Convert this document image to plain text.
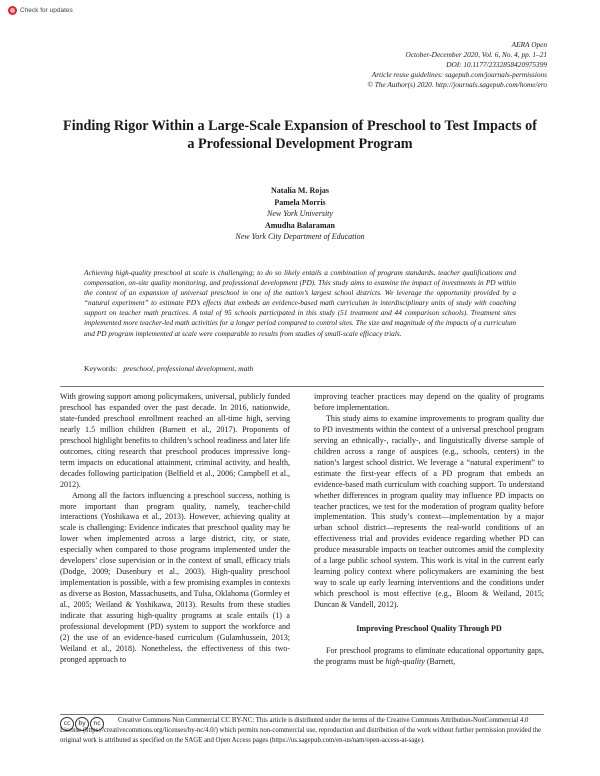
Check for updates
AERA Open
October-December 2020, Vol. 6, No. 4, pp. 1–21
DOI: 10.1177/2332858420975399
Article reuse guidelines: sagepub.com/journals-permissions
© The Author(s) 2020. http://journals.sagepub.com/home/ero
Finding Rigor Within a Large-Scale Expansion of Preschool to Test Impacts of a Professional Development Program
Natalia M. Rojas
Pamela Morris
New York University
Amudha Balaraman
New York City Department of Education
Achieving high-quality preschool at scale is challenging; to do so likely entails a combination of program standards, teacher qualifications and compensation, on-site quality monitoring, and professional development (PD). This study aims to examine the impact of investments in PD within the context of an expansion of universal preschool in one of the nation’s largest school districts. We leverage the opportunity provided by a “natural experiment” to estimate PD’s effects that embeds an evidence-based math curriculum in interdisciplinary units of study with coaching support on teacher math practices. A total of 95 schools participated in this study (51 treatment and 44 comparison schools). Treatment sites implemented more teacher-led math activities for a longer period compared to control sites. The size and magnitude of the impacts of a curriculum and PD program implemented at scale were comparable to results from studies of small-scale efficacy trials.
Keywords: preschool, professional development, math

With growing support among policymakers, universal, publicly funded preschool has expanded over the past decade. In 2016, nationwide, state-funded preschool enrollment reached an all-time high, serving nearly 1.5 million children (Barnett et al., 2017). Proponents of preschool highlight benefits to children’s school readiness and later life outcomes, citing research that preschool produces impressive long-term impacts on educational attainment, criminal activity, and health, decades following participation (Belfield et al., 2006; Campbell et al., 2012).

Among all the factors influencing a preschool success, nothing is more important than program quality, namely, teacher-child interactions (Yoshikawa et al., 2013). However, achieving quality at scale is challenging: Evidence indicates that preschool quality may be lower when implemented across a large district, city, or state, especially when compared to those programs implemented under the developers’ close supervision or in the context of small, efficacy trials (Dodge, 2009; Dusenbury et al., 2003). High-quality preschool implementation is possible, with a few promising examples in contexts as diverse as Boston, Massachusetts, and Tulsa, Oklahoma (Gormley et al., 2005; Weiland & Yoshikawa, 2013). Results from these studies indicate that assuring high-quality programs at scale entails (1) a professional development (PD) system to support the workforce and (2) the use of an evidence-based curriculum (Gulamhussein, 2013; Weiland et al., 2018). Nonetheless, the effectiveness of this two-pronged approach to

improving teacher practices may depend on the quality of programs before implementation.

This study aims to examine improvements to program quality due to PD investments within the context of a universal preschool program serving an ethnically-, racially-, and linguistically diverse sample of children across a range of auspices (e.g., schools, centers) in the nation’s largest school district. We leverage a “natural experiment” to estimate the first-year effects of a PD program that embeds an evidence-based math curriculum with coaching support. To understand whether differences in program quality may influence PD impacts on teacher practices, we test for the moderation of program quality before implementation. This study’s context—implementation by a major urban school district—represents the real-world conditions of an effectiveness trial and provides evidence regarding whether PD can produce measurable impacts on teacher outcomes amid the complexity of a large public school system. This work is vital in the current early learning policy context where policymakers are examining the best way to scale up early learning interventions and the conditions under which preschool is most effective (e.g., Bloom & Weiland, 2015; Duncan & Vandell, 2012).

Improving Preschool Quality Through PD

For preschool programs to eliminate educational opportunity gaps, the programs must be high-quality (Barnett,

cc	by	nc	Creative Commons Non Commercial CC BY-NC: This article is distributed under the terms of the Creative Commons Attribution-NonCommercial 4.0 License (https://creativecommons.org/licenses/by-nc/4.0/) which permits non-commercial use, reproduction and distribution of the work without further permission provided the original work is attributed as specified on the SAGE and Open Access pages (https://us.sagepub.com/en-us/nam/open-access-at-sage).
